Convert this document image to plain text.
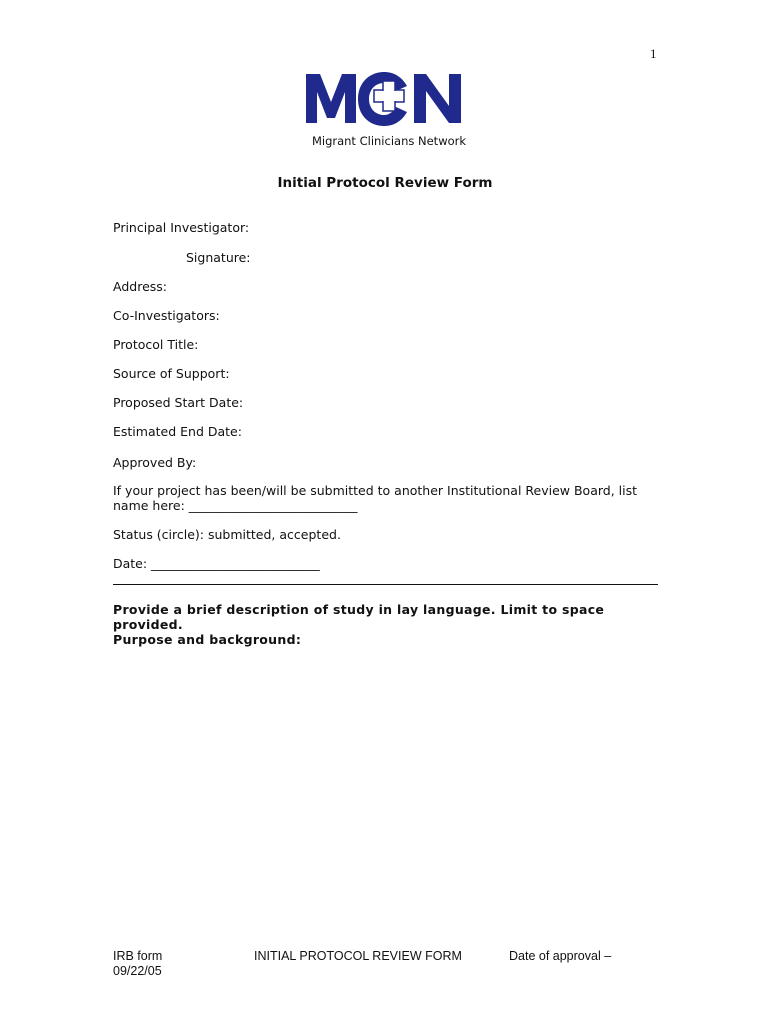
1
Migrant Clinicians Network
Initial Protocol Review Form
Principal Investigator:
Signature:
Address:
Co-Investigators:
Protocol Title:
Source of Support:
Proposed Start Date:
Estimated End Date:
Approved By:
If your project has been/will be submitted to another Institutional Review Board, list
name here: ___________________________
Status (circle): submitted, accepted.
Date: ___________________________
Provide a brief description of study in lay language. Limit to space
provided.
Purpose and background:
IRB form
09/22/05
INITIAL PROTOCOL REVIEW FORM	Date of approval –
